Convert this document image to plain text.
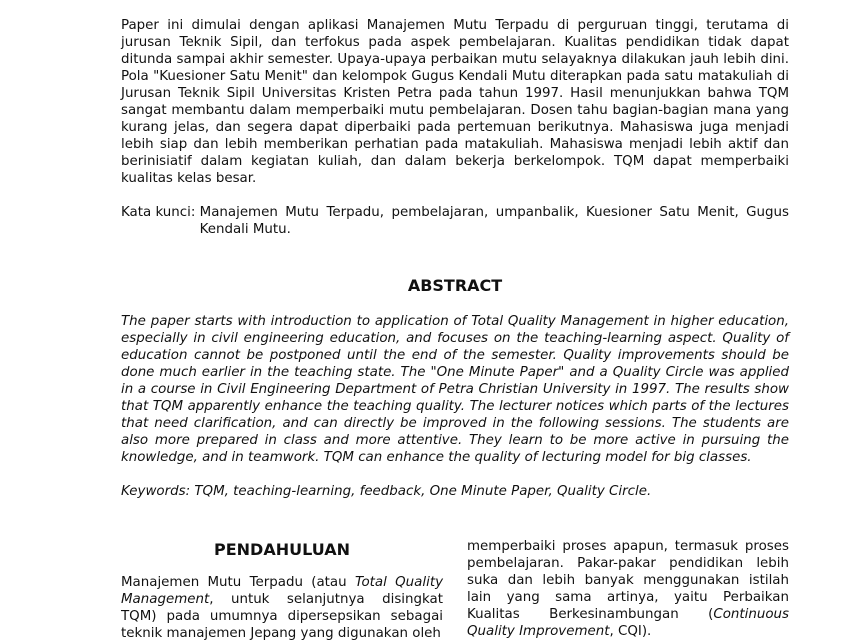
Paper ini dimulai dengan aplikasi Manajemen Mutu Terpadu di perguruan tinggi, terutama di jurusan Teknik Sipil, dan terfokus pada aspek pembelajaran. Kualitas pendidikan tidak dapat ditunda sampai akhir semester. Upaya-upaya perbaikan mutu selayaknya dilakukan jauh lebih dini. Pola "Kuesioner Satu Menit" dan kelompok Gugus Kendali Mutu diterapkan pada satu matakuliah di Jurusan Teknik Sipil Universitas Kristen Petra pada tahun 1997. Hasil menunjukkan bahwa TQM sangat membantu dalam memperbaiki mutu pembelajaran. Dosen tahu bagian-bagian mana yang kurang jelas, dan segera dapat diperbaiki pada pertemuan berikutnya. Mahasiswa juga menjadi lebih siap dan lebih memberikan perhatian pada matakuliah. Mahasiswa menjadi lebih aktif dan berinisiatif dalam kegiatan kuliah, dan dalam bekerja berkelompok. TQM dapat memperbaiki kualitas kelas besar.

Kata kunci: Manajemen Mutu Terpadu, pembelajaran, umpanbalik, Kuesioner Satu Menit, Gugus Kendali Mutu.
ABSTRACT

The paper starts with introduction to application of Total Quality Management in higher education, especially in civil engineering education, and focuses on the teaching-learning aspect. Quality of education cannot be postponed until the end of the semester. Quality improvements should be done much earlier in the teaching state. The "One Minute Paper" and a Quality Circle was applied in a course in Civil Engineering Department of Petra Christian University in 1997. The results show that TQM apparently enhance the teaching quality. The lecturer notices which parts of the lectures that need clarification, and can directly be improved in the following sessions. The students are also more prepared in class and more attentive. They learn to be more active in pursuing the knowledge, and in teamwork. TQM can enhance the quality of lecturing model for big classes.

Keywords: TQM, teaching-learning, feedback, One Minute Paper, Quality Circle.

PENDAHULUAN

Manajemen Mutu Terpadu (atau Total Quality Management, untuk selanjutnya disingkat TQM) pada umumnya dipersepsikan sebagai teknik manajemen Jepang yang digunakan oleh

memperbaiki proses apapun, termasuk proses pembelajaran. Pakar-pakar pendidikan lebih suka dan lebih banyak menggunakan istilah lain yang sama artinya, yaitu Perbaikan Kualitas Berkesinambungan (Continuous Quality Improvement, CQI).
